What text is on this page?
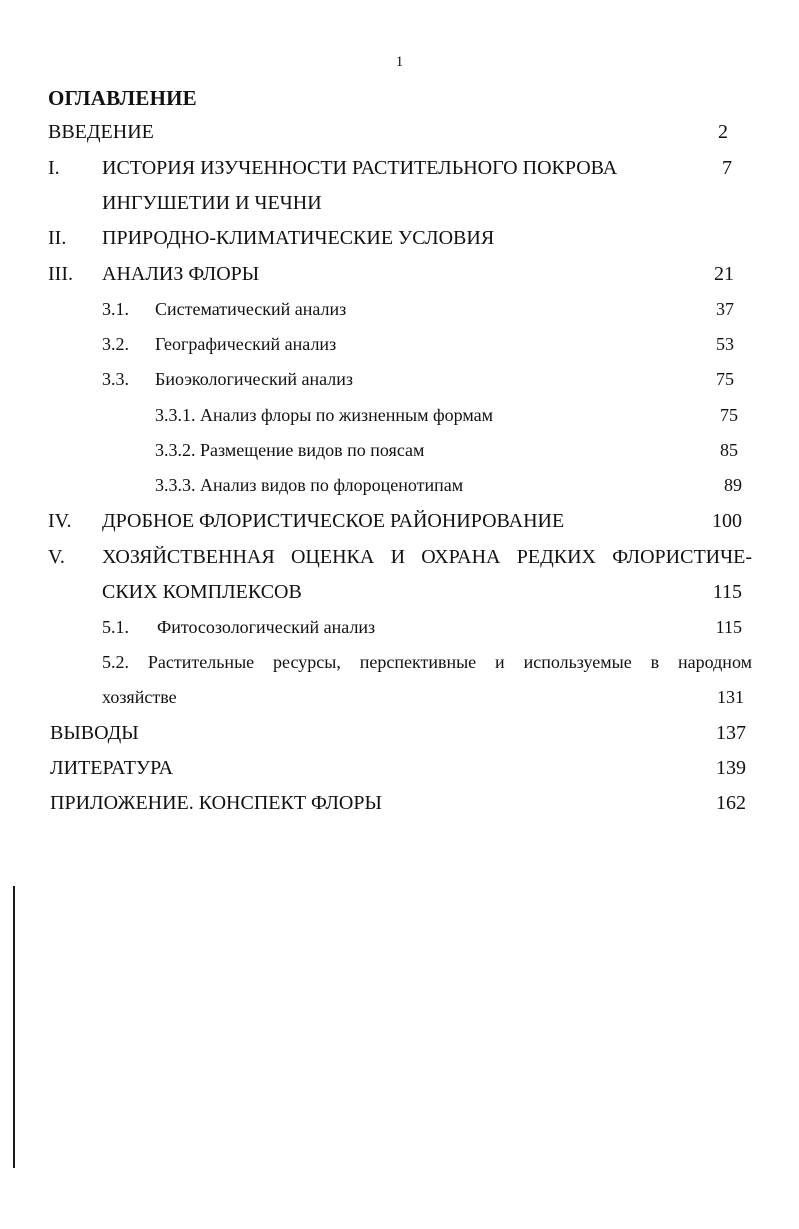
1
ОГЛАВЛЕНИЕ
ВВЕДЕНИЕ	2
I. ИСТОРИЯ ИЗУЧЕННОСТИ РАСТИТЕЛЬНОГО ПОКРОВА	7
ИНГУШЕТИИ И ЧЕЧНИ
II. ПРИРОДНО-КЛИМАТИЧЕСКИЕ УСЛОВИЯ
III. АНАЛИЗ ФЛОРЫ	21
3.1. Систематический анализ	37
3.2. Географический анализ	53
3.3. Биоэкологический анализ	75
3.3.1. Анализ флоры по жизненным формам	75
3.3.2. Размещение видов по поясам	85
3.3.3. Анализ видов по флороценотипам	89
IV. ДРОБНОЕ ФЛОРИСТИЧЕСКОЕ РАЙОНИРОВАНИЕ	100
V. ХОЗЯЙСТВЕННАЯ ОЦЕНКА И ОХРАНА РЕДКИХ ФЛОРИСТИЧЕ-
СКИХ КОМПЛЕКСОВ	115
5.1. Фитосозологический анализ	115
5.2. Растительные ресурсы, перспективные и используемые в народном
хозяйстве	131
ВЫВОДЫ	137
ЛИТЕРАТУРА	139
ПРИЛОЖЕНИЕ. КОНСПЕКТ ФЛОРЫ	162
